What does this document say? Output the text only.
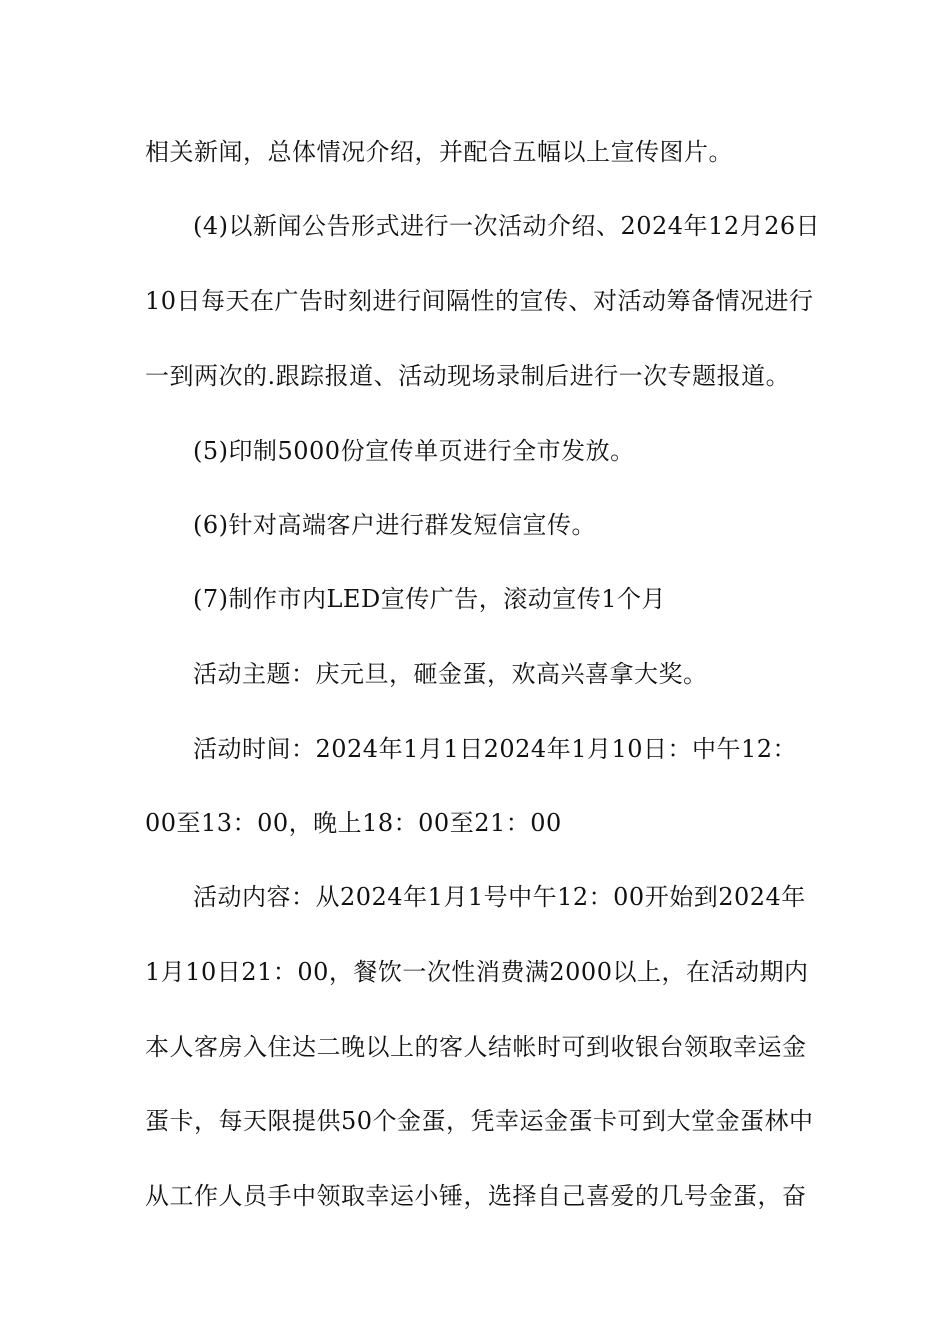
相关新闻，总体情况介绍，并配合五幅以上宣传图片。
(4)以新闻公告形式进行一次活动介绍、2024年12月26日
10日每天在广告时刻进行间隔性的宣传、对活动筹备情况进行
一到两次的.跟踪报道、活动现场录制后进行一次专题报道。
(5)印制5000份宣传单页进行全市发放。
(6)针对高端客户进行群发短信宣传。
(7)制作市内LED宣传广告，滚动宣传1个月
活动主题：庆元旦，砸金蛋，欢高兴喜拿大奖。
活动时间：2024年1月1日2024年1月10日：中午12：
00至13：00，晚上18：00至21：00
活动内容：从2024年1月1号中午12：00开始到2024年
1月10日21：00，餐饮一次性消费满2000以上，在活动期内
本人客房入住达二晚以上的客人结帐时可到收银台领取幸运金
蛋卡，每天限提供50个金蛋，凭幸运金蛋卡可到大堂金蛋林中
从工作人员手中领取幸运小锤，选择自己喜爱的几号金蛋，奋
